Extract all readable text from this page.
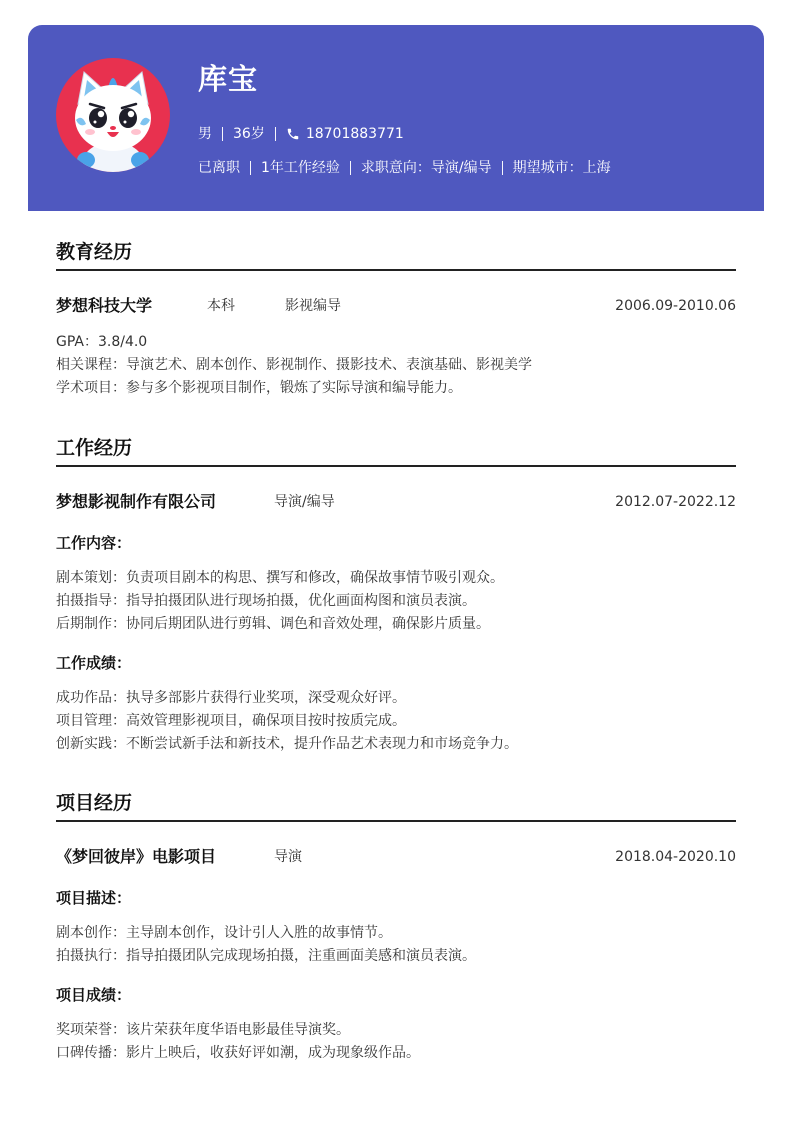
库宝
男 36岁	18701883771
已离职 1年工作经验 求职意向：导演/编导 期望城市：上海
教育经历
梦想科技大学	本科	影视编导	2006.09-2010.06
GPA：3.8/4.0
相关课程：导演艺术、剧本创作、影视制作、摄影技术、表演基础、影视美学
学术项目：参与多个影视项目制作，锻炼了实际导演和编导能力。
工作经历
梦想影视制作有限公司	导演/编导	2012.07-2022.12
工作内容：
剧本策划：负责项目剧本的构思、撰写和修改，确保故事情节吸引观众。
拍摄指导：指导拍摄团队进行现场拍摄，优化画面构图和演员表演。
后期制作：协同后期团队进行剪辑、调色和音效处理，确保影片质量。
工作成绩：
成功作品：执导多部影片获得行业奖项，深受观众好评。
项目管理：高效管理影视项目，确保项目按时按质完成。
创新实践：不断尝试新手法和新技术，提升作品艺术表现力和市场竞争力。
项目经历
《梦回彼岸》电影项目	导演	2018.04-2020.10
项目描述：
剧本创作：主导剧本创作，设计引人入胜的故事情节。
拍摄执行：指导拍摄团队完成现场拍摄，注重画面美感和演员表演。
项目成绩：
奖项荣誉：该片荣获年度华语电影最佳导演奖。
口碑传播：影片上映后，收获好评如潮，成为现象级作品。
